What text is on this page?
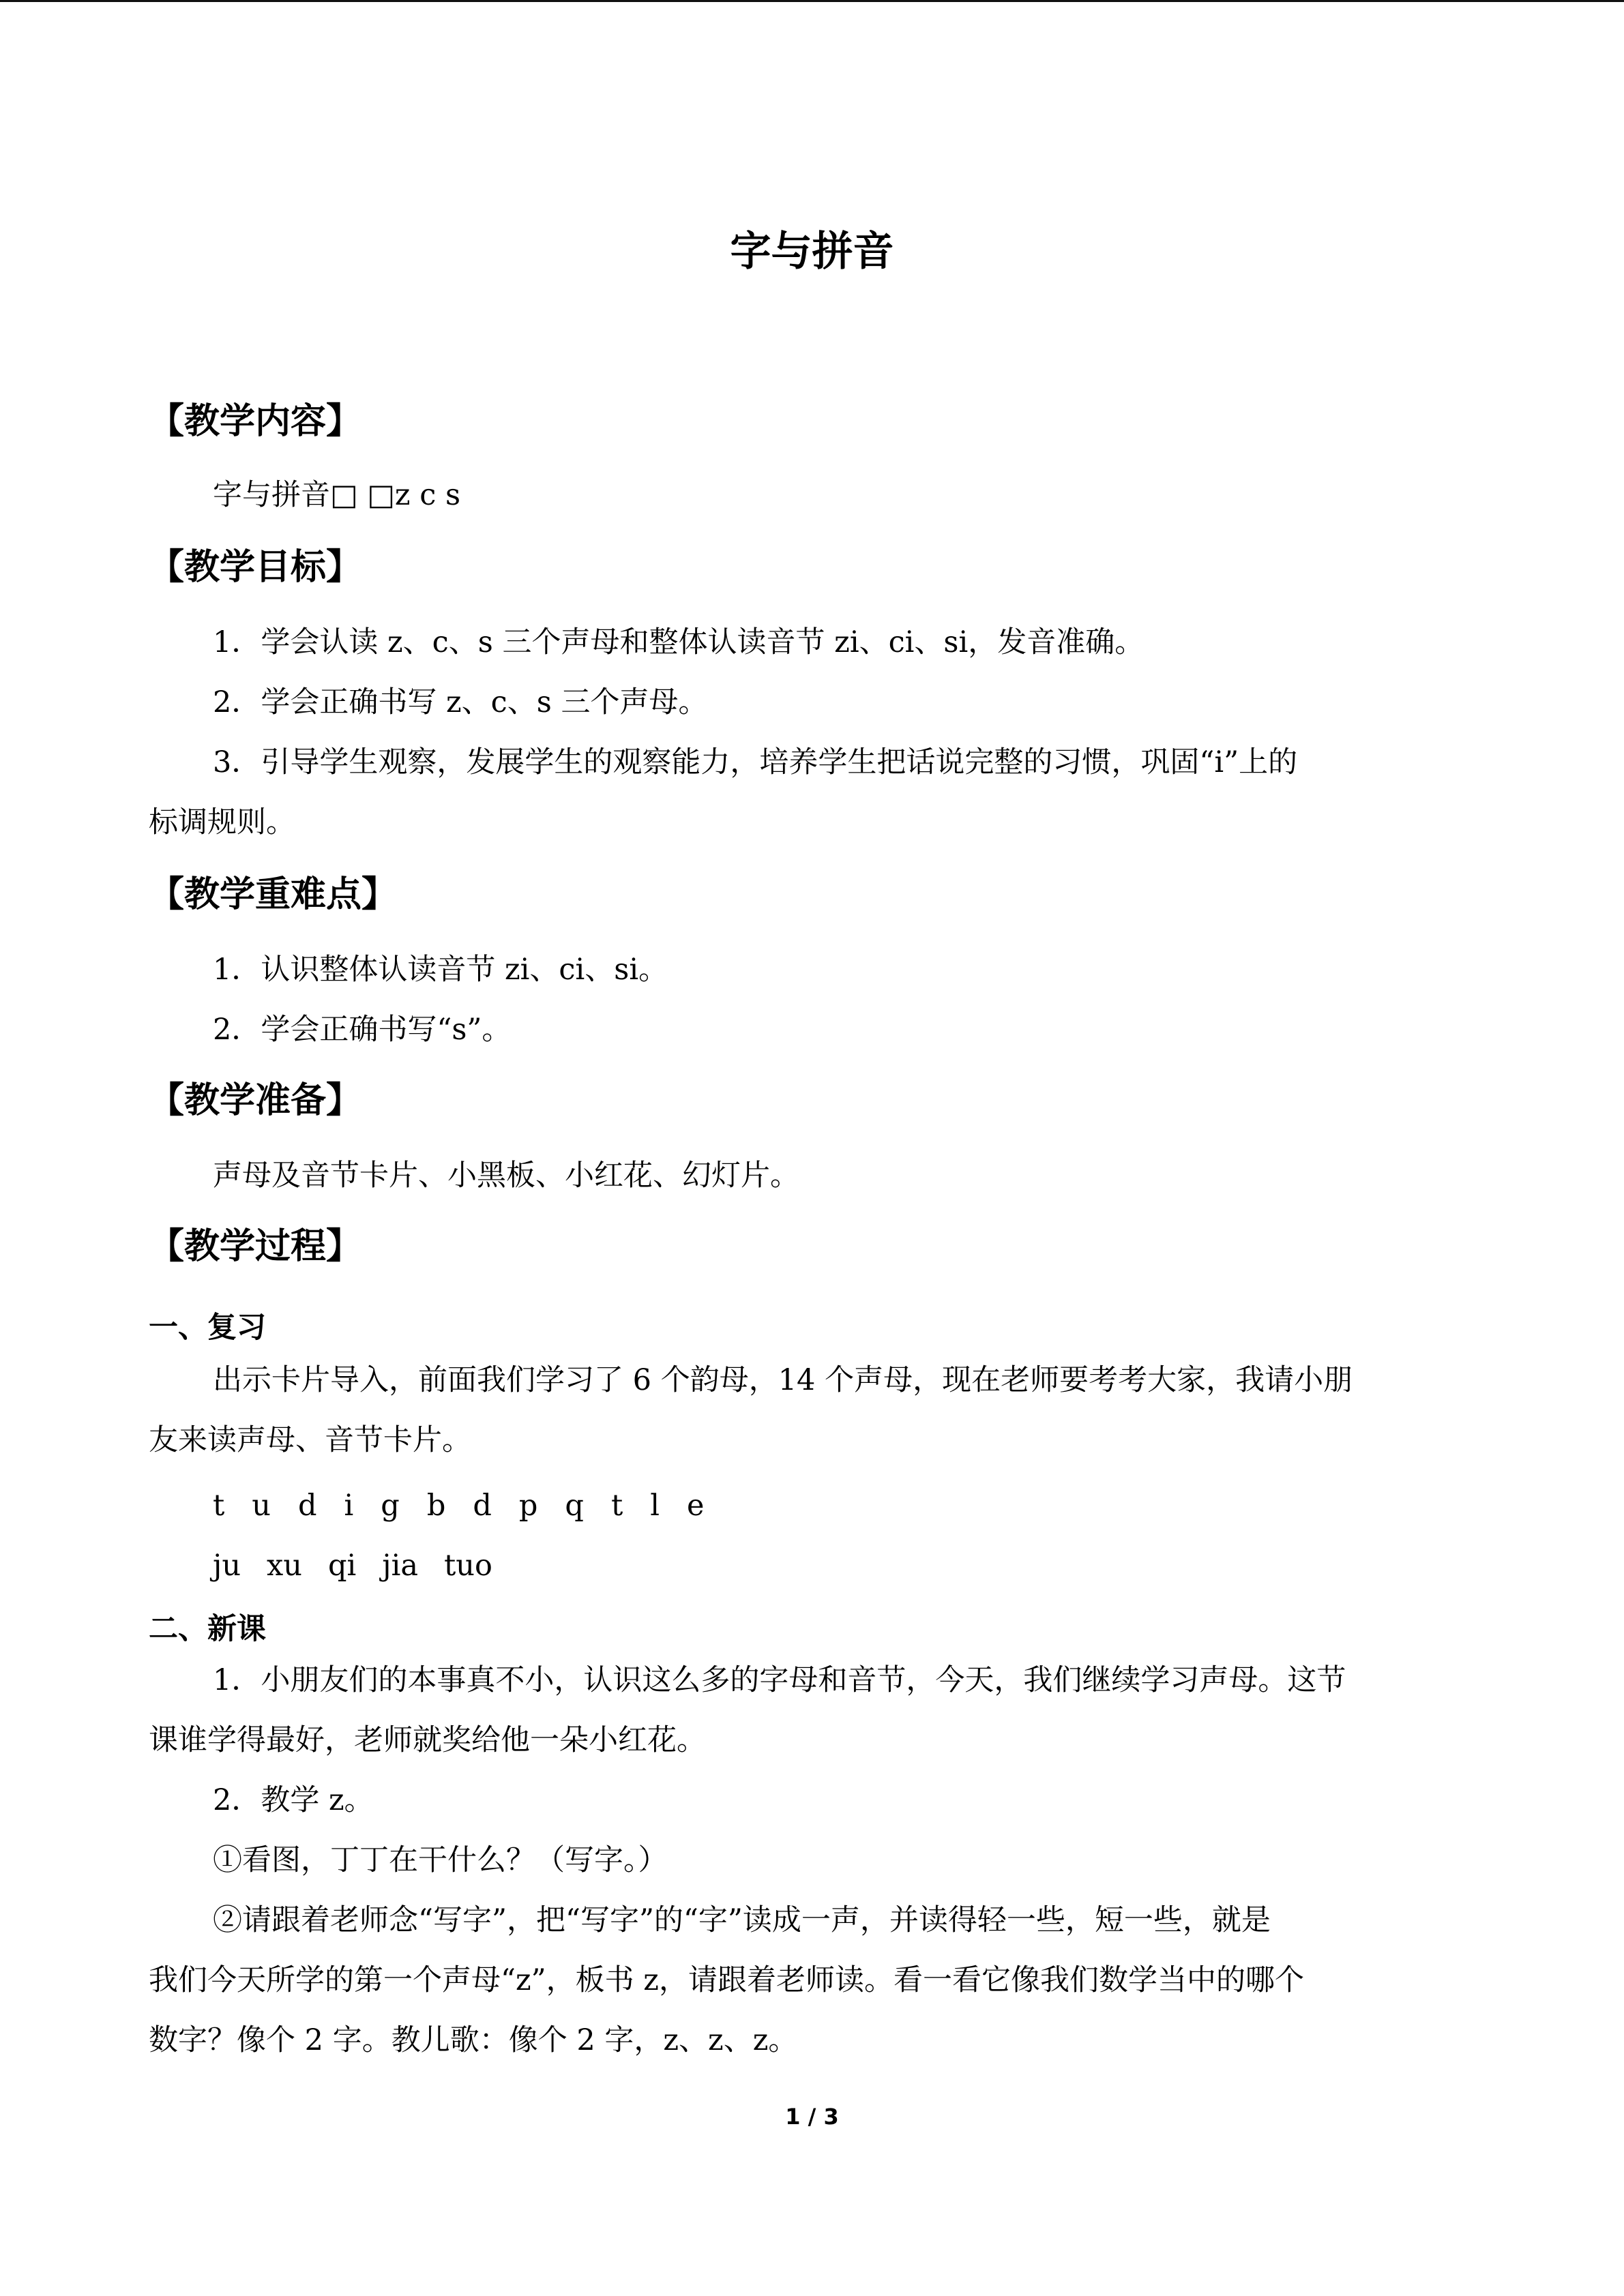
字与拼音
【教学内容】
字与拼音□ □z c s
【教学目标】
1．学会认读 z、c、s 三个声母和整体认读音节 zi、ci、si，发音准确。
2．学会正确书写 z、c、s 三个声母。
3．引导学生观察，发展学生的观察能力，培养学生把话说完整的习惯，巩固“i”上的
标调规则。
【教学重难点】
1．认识整体认读音节 zi、ci、si。
2．学会正确书写“s”。
【教学准备】
声母及音节卡片、小黑板、小红花、幻灯片。
【教学过程】
一、复习
出示卡片导入，前面我们学习了 6 个韵母，14 个声母，现在老师要考考大家，我请小朋
友来读声母、音节卡片。
t u d i g b d p q t l e
ju xu qi jia tuo
二、新课
1．小朋友们的本事真不小，认识这么多的字母和音节，今天，我们继续学习声母。这节
课谁学得最好，老师就奖给他一朵小红花。
2．教学 z。
①看图，丁丁在干什么？（写字。）
②请跟着老师念“写字”，把“写字”的“字”读成一声，并读得轻一些，短一些，就是
我们今天所学的第一个声母“z”，板书 z，请跟着老师读。看一看它像我们数学当中的哪个
数字？像个 2 字。教儿歌：像个 2 字，z、z、z。
1 / 3
